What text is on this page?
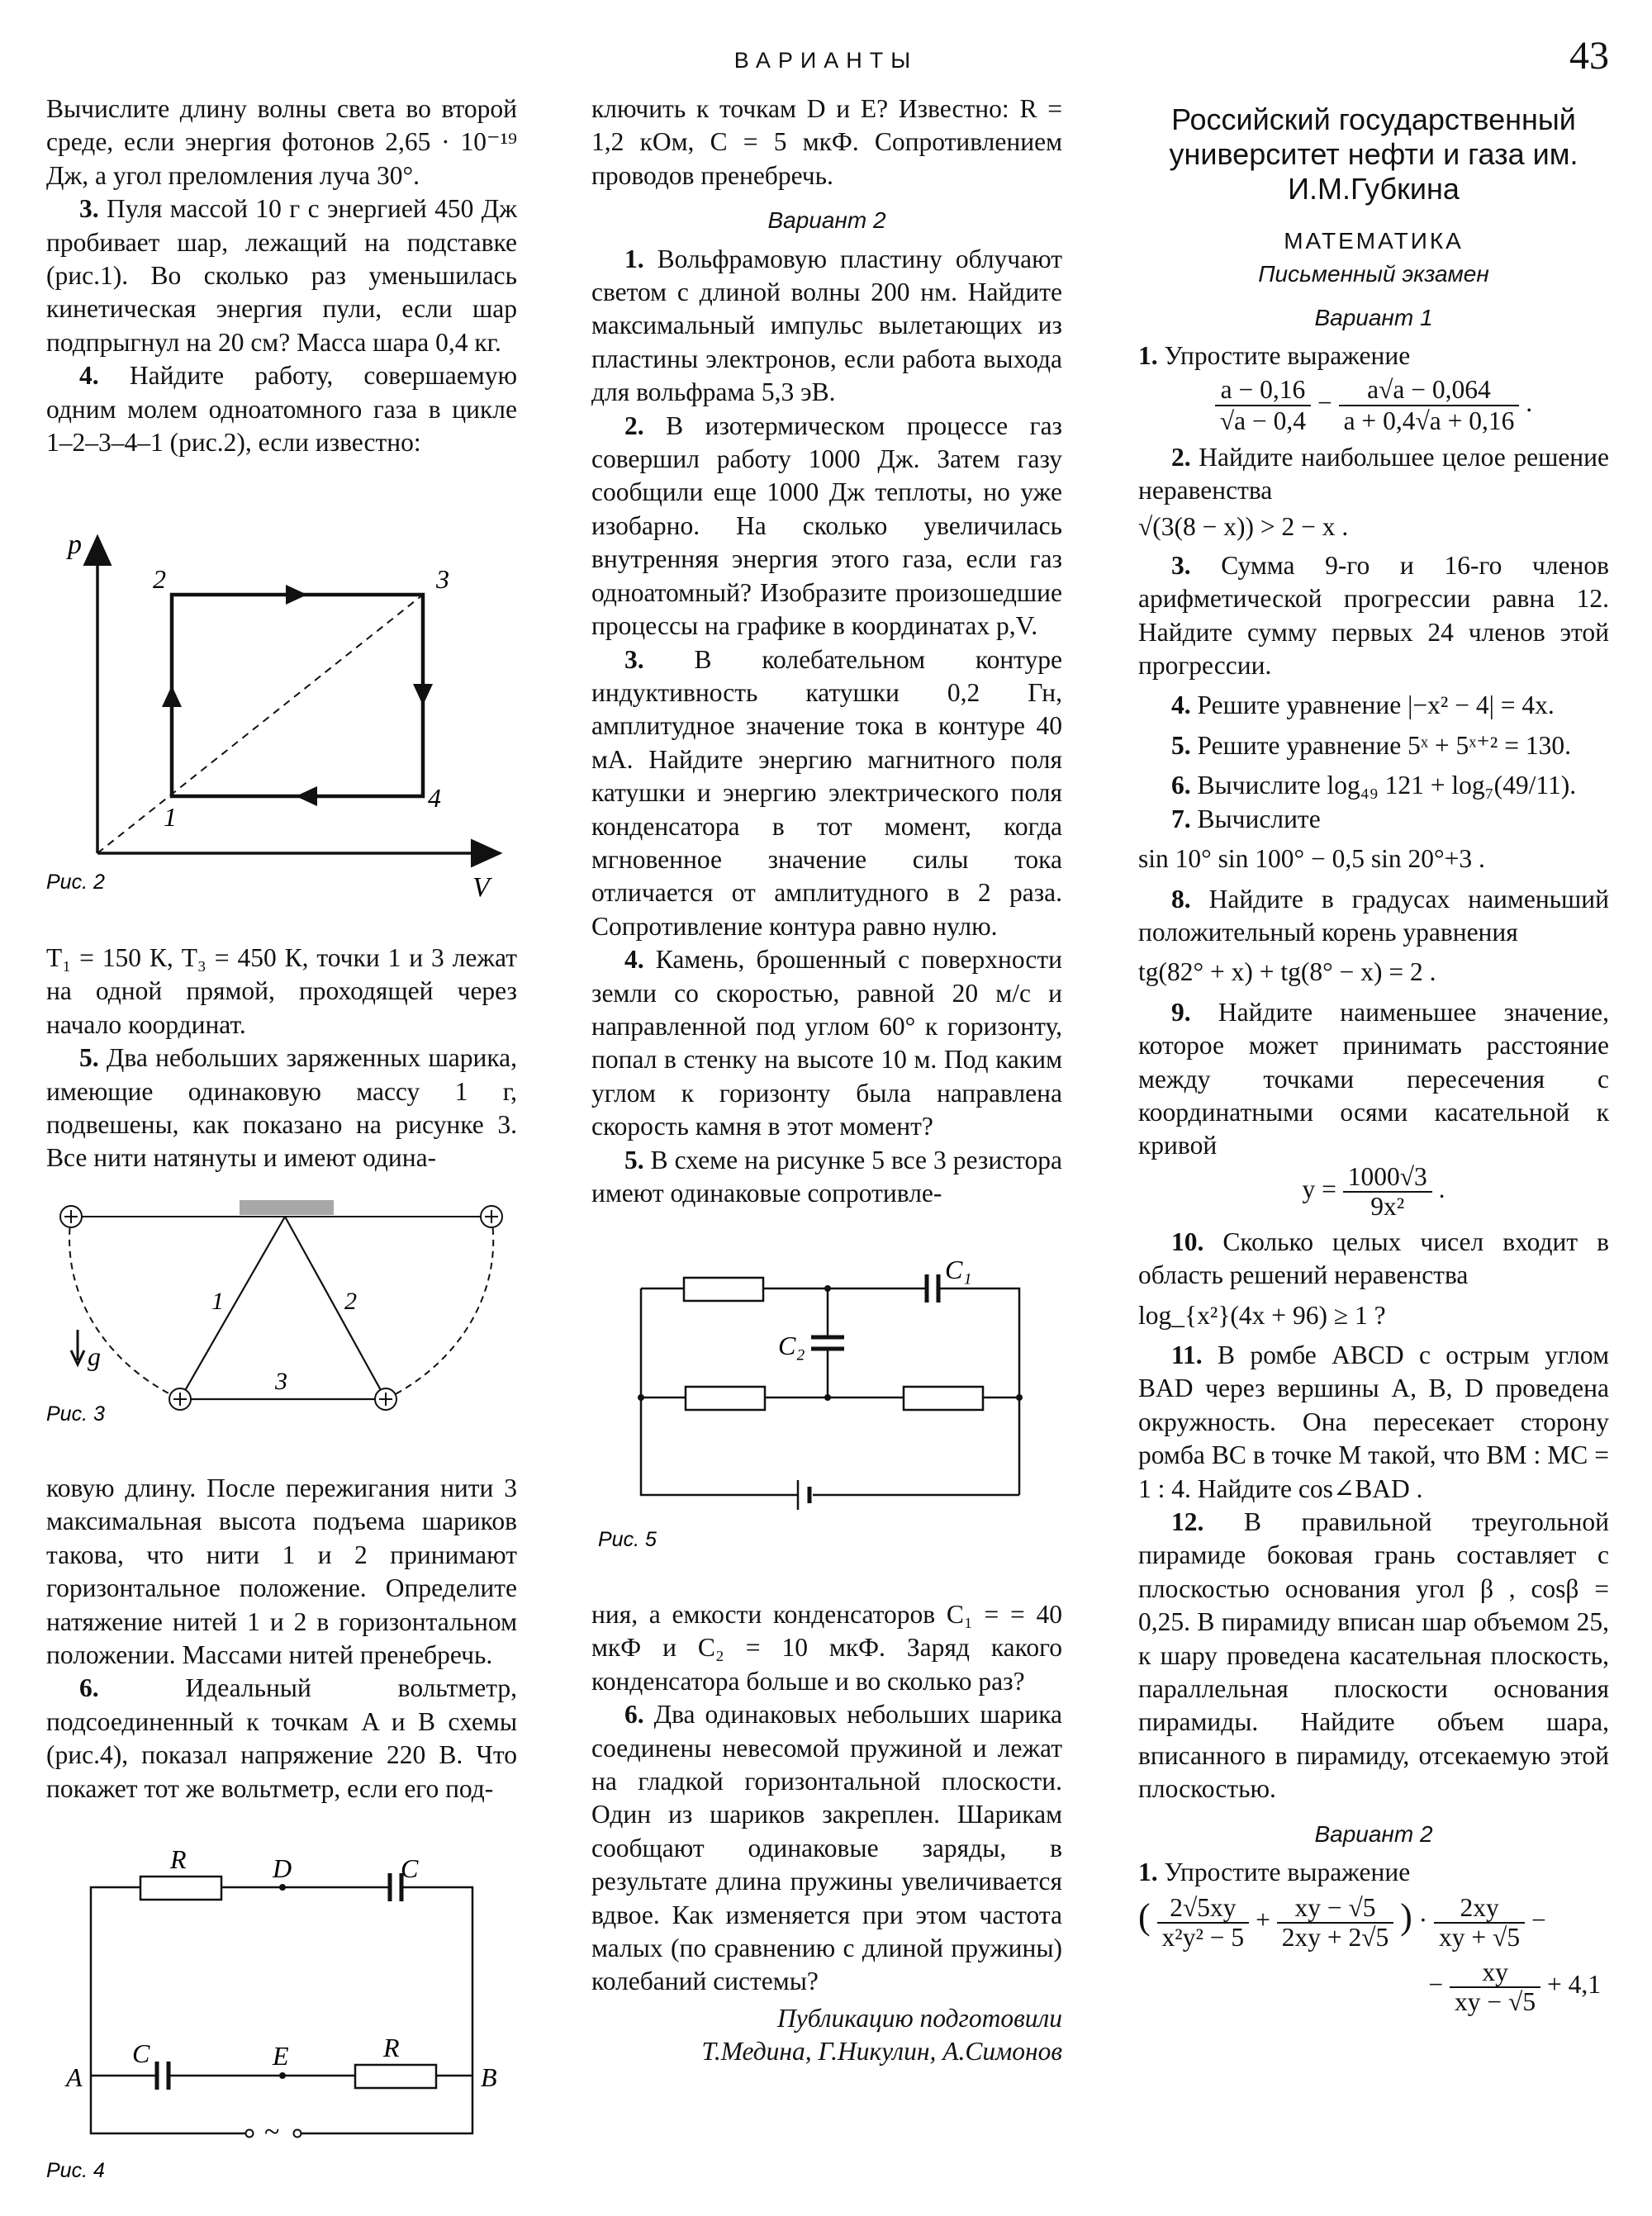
ВАРИАНТЫ	43

Вычислите длину волны света во второй среде, если энергия фотонов 2,65 · 10⁻¹⁹ Дж, а угол преломления луча 30°.

3. Пуля массой 10 г с энергией 450 Дж пробивает шар, лежащий на подставке (рис.1). Во сколько раз уменьшилась кинетическая энергия пули, если шар подпрыгнул на 20 см? Масса шара 0,4 кг.

4. Найдите работу, совершаемую одним молем одноатомного газа в цикле 1–2–3–4–1 (рис.2), если известно:

p
V
1
2	3
4
Рис. 2

T₁ = 150 К, T₃ = 450 К, точки 1 и 3 лежат на одной прямой, проходящей через начало координат.

5. Два небольших заряженных шарика, имеющие одинаковую массу 1 г, подвешены, как показано на рисунке 3. Все нити натянуты и имеют одина-

g
1	2
3
Рис. 3

ковую длину. После пережигания нити 3 максимальная высота подъема шариков такова, что нити 1 и 2 принимают горизонтальное положение. Определите натяжение нитей 1 и 2 в горизонтальном положении. Массами нитей пренебречь.

6.	Идеальный вольтметр, подсоединенный к точкам A и B схемы (рис.4), показал напряжение 220 В. Что покажет тот же вольтметр, если его под-

~
R	D	C
A
C	E	R
B
Рис. 4

ключить к точкам D и E? Известно: R = 1,2 кОм, C = 5 мкФ. Сопротивлением проводов пренебречь.

Вариант 2

1. Вольфрамовую пластину облучают светом с длиной волны 200 нм. Найдите максимальный импульс вылетающих из пластины электронов, если работа выхода для вольфрама 5,3 эВ.

2. В изотермическом процессе газ совершил работу 1000 Дж. Затем газу сообщили еще 1000 Дж теплоты, но уже изобарно. На сколько увеличилась внутренняя энергия этого газа, если газ одноатомный? Изобразите произошедшие процессы на графике в координатах p,V.

3. В колебательном контуре индуктивность катушки 0,2 Гн, амплитудное значение тока в контуре 40 мА. Найдите энергию магнитного поля катушки и энергию электрического поля конденсатора в тот момент, когда мгновенное значение силы тока отличается от амплитудного в 2 раза. Сопротивление контура равно нулю.

4. Камень, брошенный с поверхности земли со скоростью, равной 20 м/с и направленной под углом 60° к горизонту, попал в стенку на высоте 10 м. Под каким углом к горизонту была направлена скорость камня в этот момент?

5. В схеме на рисунке 5 все 3 резистора имеют одинаковые сопротивле-

C₁
C₂
Рис. 5

ния, а емкости конденсаторов C₁ = = 40 мкФ и C₂ = 10 мкФ. Заряд какого конденсатора больше и во сколько раз?

6. Два одинаковых небольших шарика соединены невесомой пружиной и лежат на гладкой горизонтальной плоскости. Один из шариков закреплен. Шарикам сообщают одинаковые заряды, в результате длина пружины увеличивается вдвое. Как изменяется при этом частота малых (по сравнению с длиной пружины) колебаний системы?

Публикацию подготовили

Т.Медина, Г.Никулин, А.Симонов

Российский государственный университет нефти и газа им. И.М.Губкина

МАТЕМАТИКА

Письменный экзамен

Вариант 1

1. Упростите выражение

$\frac{a - 0,16}{√a - 0,4} - \frac{a√a - 0,064}{a + 0,4√a + 0,16}$ .

2. Найдите наибольшее целое решение неравенства

√(3(8 − x)) > 2 − x .

3. Сумма 9-го и 16-го членов арифметической прогрессии равна 12. Найдите сумму первых 24 членов этой прогрессии.

4. Решите уравнение |−x² − 4| = 4x.

5. Решите уравнение 5ˣ + 5ˣ⁺² = 130.

6. Вычислите log₄₉ 121 + log₇(49/11).

7. Вычислите

sin 10° sin 100° − 0,5 sin 20°+3 .

8. Найдите в градусах наименьший положительный корень уравнения

tg(82° + x) + tg(8° − x) = 2 .

9. Найдите наименьшее значение, которое может принимать расстояние между точками пересечения с координатными осями касательной к кривой

$y = \frac{1000√3}{\text{9x²}}$ .

10. Сколько целых чисел входит в область решений неравенства

log_{x²}(4x + 96) ≥ 1 ?

11. В ромбе ABCD с острым углом BAD через вершины A, B, D проведена окружность. Она пересекает сторону ромба BC в точке M такой, что BM : MC = 1 : 4. Найдите cos∠BAD .

12. В правильной треугольной пирамиде боковая грань составляет с плоскостью основания угол β , cosβ = 0,25. В пирамиду вписан шар объемом 25, к шару проведена касательная плоскость, параллельная плоскости основания пирамиды. Найдите объем шара, вписанного в пирамиду, отсекаемую этой плоскостью.

Вариант 2

1. Упростите выражение

( $\frac{2√5xy}{\text{x²y² − 5}} + \frac{xy - √5}{2xy + 2√5}$ ) · $\frac{2xy}{xy + √5}$ −
− $\frac{xy}{xy - √5} + 4,1$
